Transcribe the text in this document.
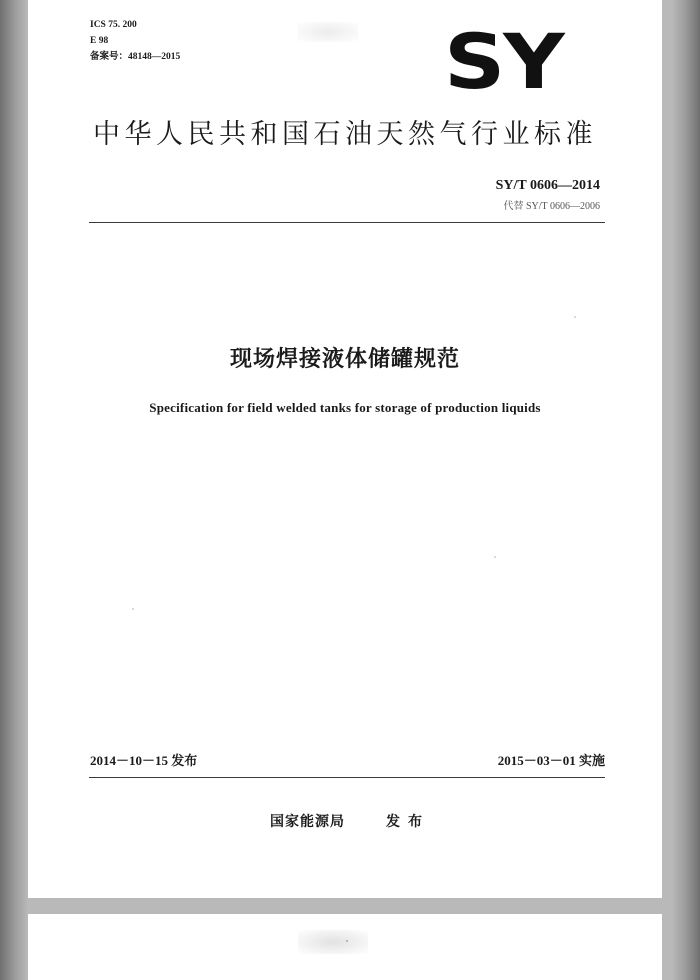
ICS 75. 200
E 98
备案号：48148—2015	SY
中华人民共和国石油天然气行业标准
SY/T 0606—2014
代替 SY/T 0606—2006
现场焊接液体储罐规范
Specification for field welded tanks for storage of production liquids
2014－10－15 发布	2015－03－01 实施
国家能源局	发布
